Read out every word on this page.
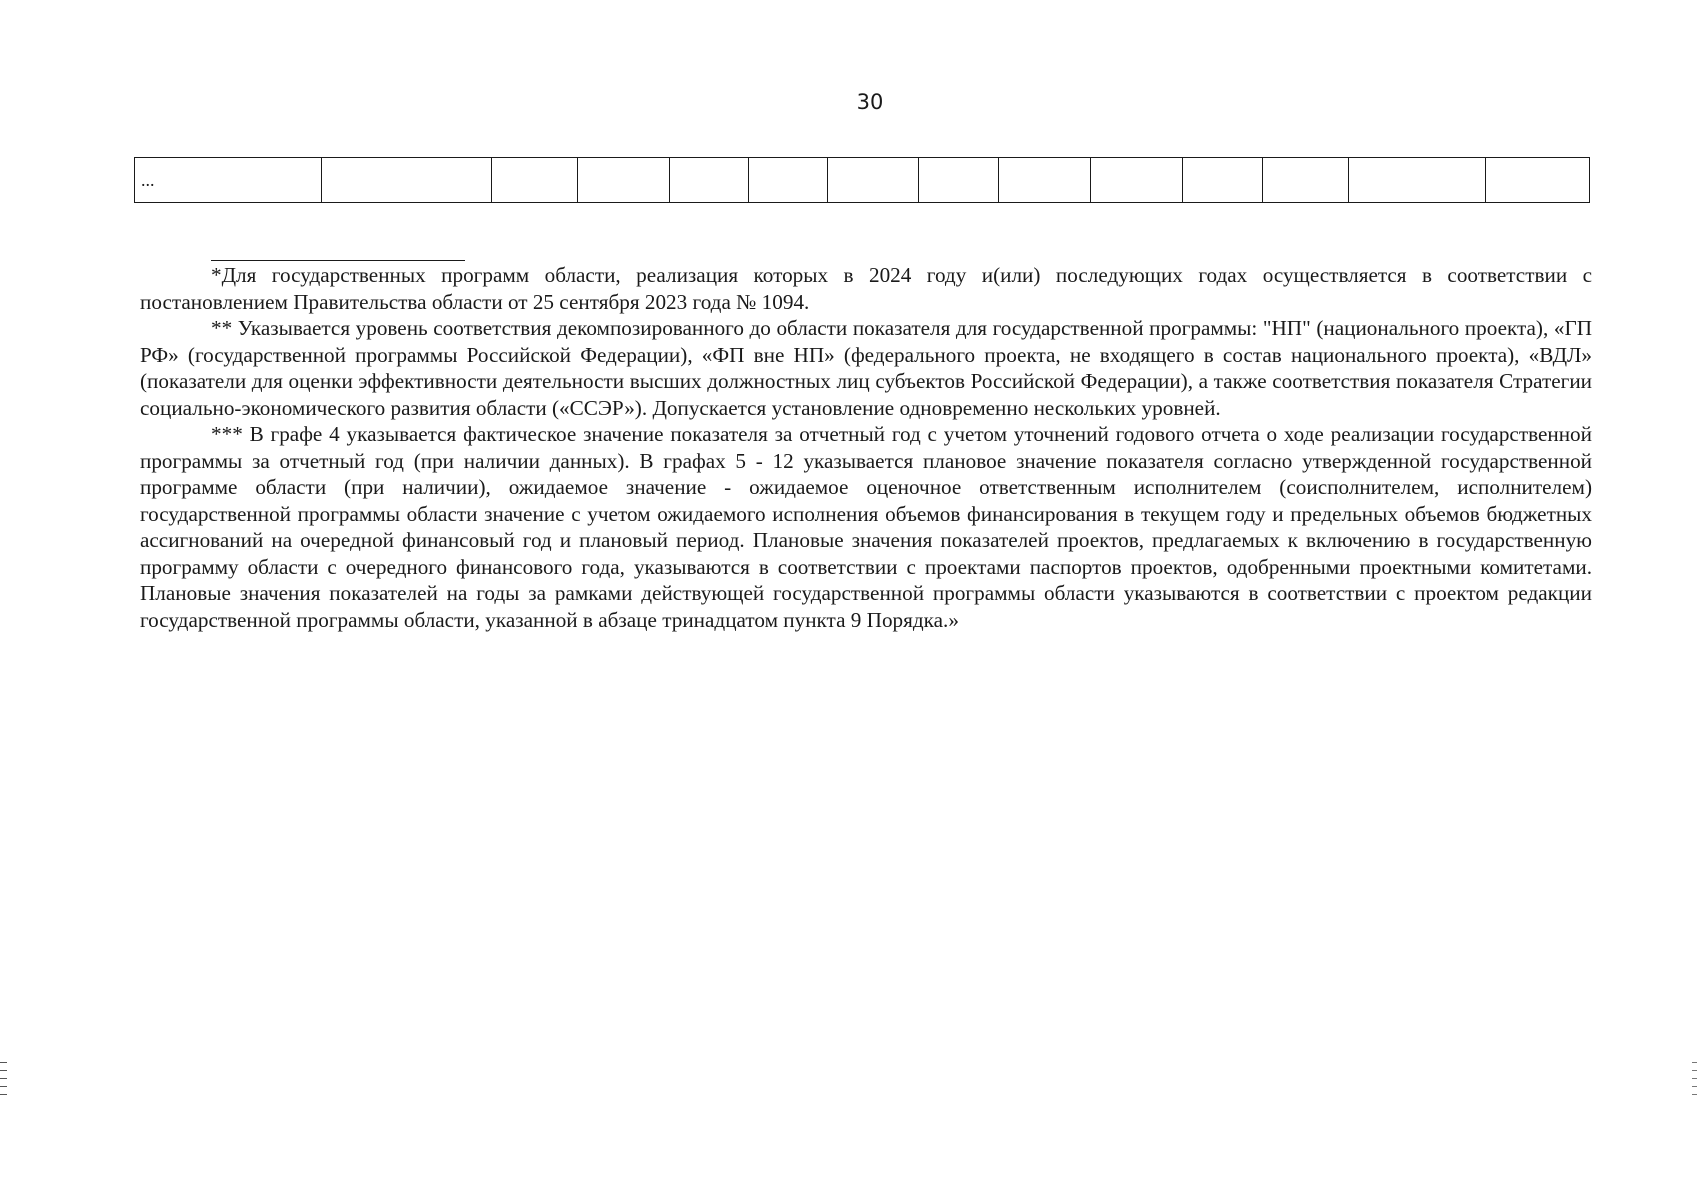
30
...													

*Для государственных программ области, реализация которых в 2024 году и(или) последующих годах осуществляется в соответствии с постановлением Правительства области от 25 сентября 2023 года № 1094.

** Указывается уровень соответствия декомпозированного до области показателя для государственной программы: "НП" (национального проекта), «ГП РФ» (государственной программы Российской Федерации), «ФП вне НП» (федерального проекта, не входящего в состав национального проекта), «ВДЛ» (показатели для оценки эффективности деятельности высших должностных лиц субъектов Российской Федерации), а также соответствия показателя Стратегии социально-экономического развития области («ССЭР»). Допускается установление одновременно нескольких уровней.

*** В графе 4 указывается фактическое значение показателя за отчетный год с учетом уточнений годового отчета о ходе реализации государственной программы за отчетный год (при наличии данных). В графах 5 - 12 указывается плановое значение показателя согласно утвержденной государственной программе области (при наличии), ожидаемое значение - ожидаемое оценочное ответственным исполнителем (соисполнителем, исполнителем) государственной программы области значение с учетом ожидаемого исполнения объемов финансирования в текущем году и предельных объемов бюджетных ассигнований на очередной финансовый год и плановый период. Плановые значения показателей проектов, предлагаемых к включению в государственную программу области с очередного финансового года, указываются в соответствии с проектами паспортов проектов, одобренными проектными комитетами. Плановые значения показателей на годы за рамками действующей государственной программы области указываются в соответствии с проектом редакции государственной программы области, указанной в абзаце тринадцатом пункта 9 Порядка.»
